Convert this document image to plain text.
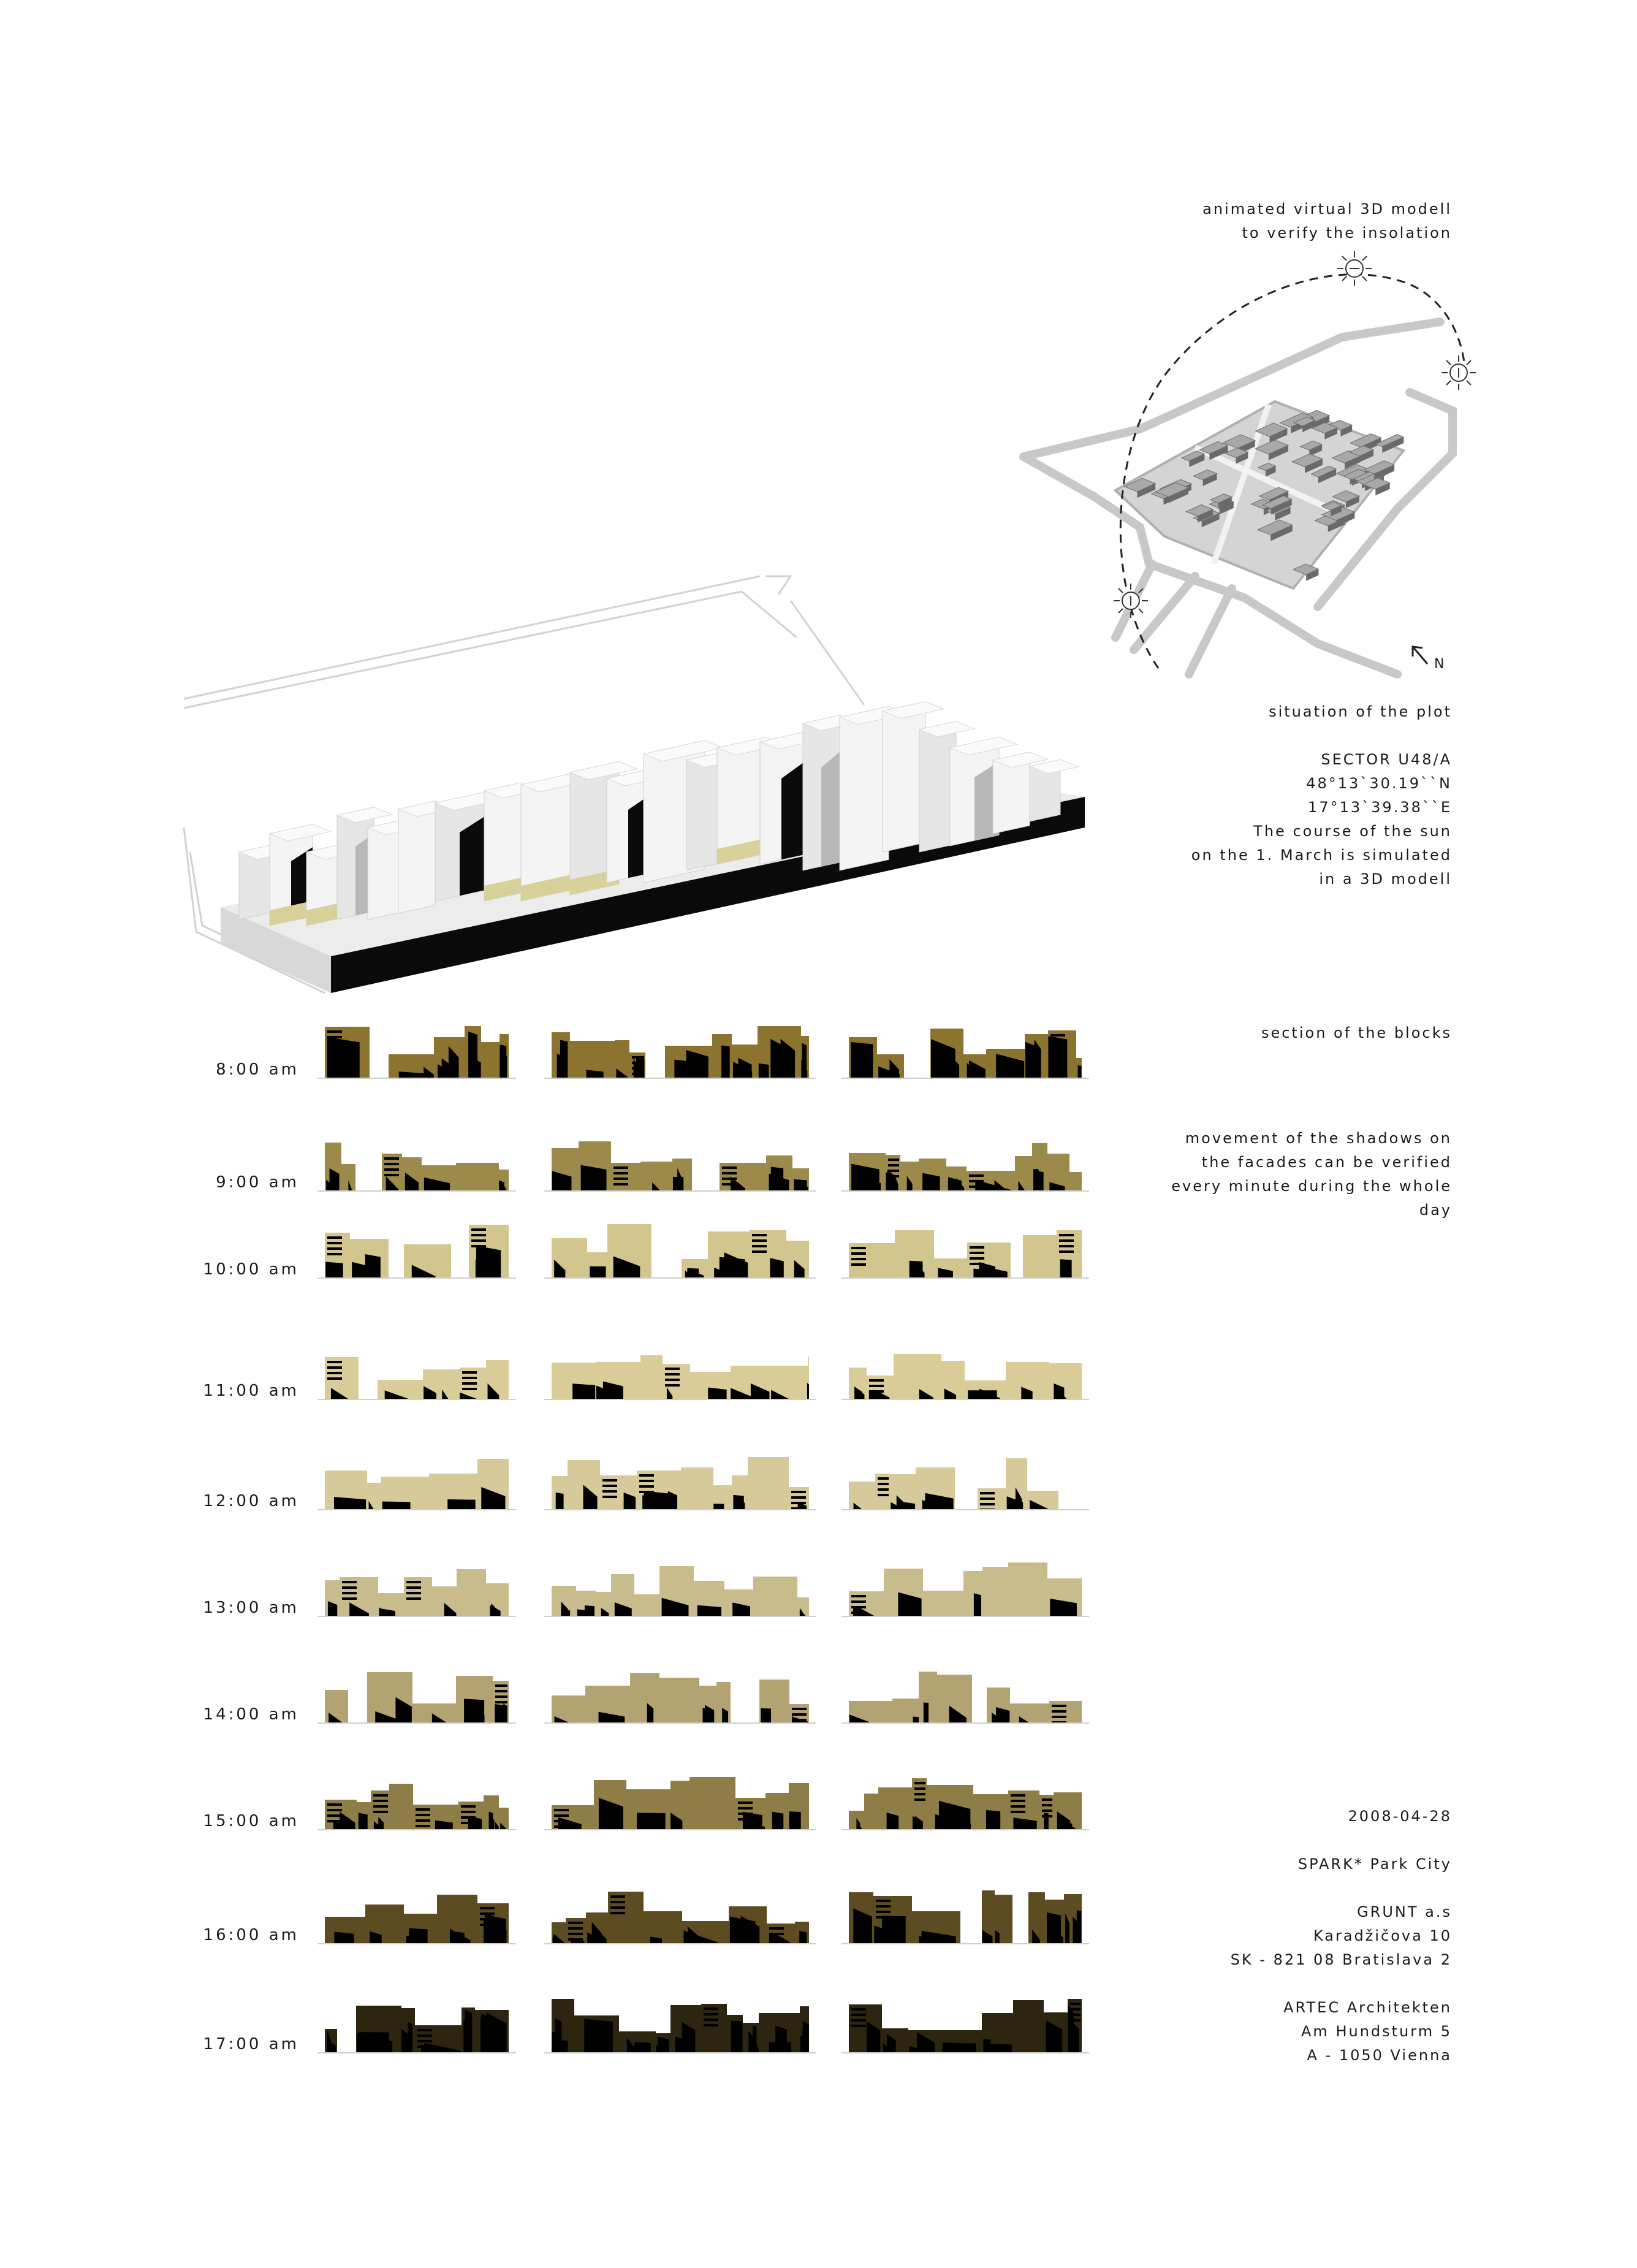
animated virtual 3D modell
to verify the insolation
N
situation of the plot
SECTOR U48/A
48°13`30.19``N
17°13`39.38``E
The course of the sun
on the 1. March is simulated
in a 3D modell
section of the blocks
movement of the shadows on
the facades can be verified
every minute during the whole
day
8:00 am
9:00 am
10:00 am
11:00 am
12:00 am
13:00 am
14:00 am
15:00 am
16:00 am
17:00 am
2008-04-28
SPARK* Park City
GRUNT a.s
Karadžičova 10
SK - 821 08 Bratislava 2
ARTEC Architekten
Am Hundsturm 5
A - 1050 Vienna
